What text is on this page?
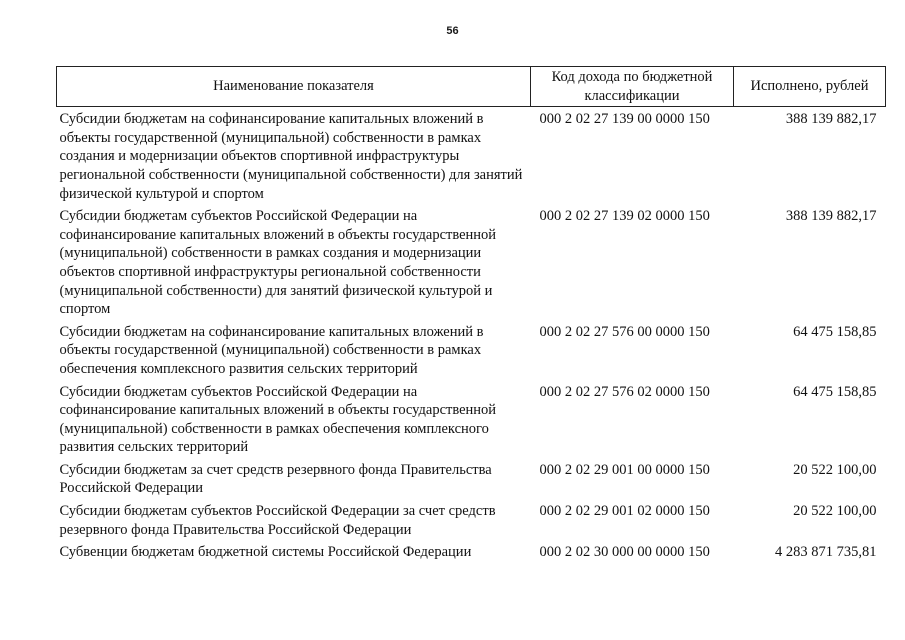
56
Наименование показателя	Код дохода по бюджетной классификации	Исполнено, рублей
Субсидии бюджетам на софинансирование капитальных вложений в объекты государственной (муниципальной) собственности в рамках создания и модернизации объектов спортивной инфраструктуры региональной собственности (муниципальной собственности) для занятий физической культурой и спортом	000 2 02 27 139 00 0000 150	388 139 882,17
Субсидии бюджетам субъектов Российской Федерации на софинансирование капитальных вложений в объекты государственной (муниципальной) собственности в рамках создания и модернизации объектов спортивной инфраструктуры региональной собственности (муниципальной собственности) для занятий физической культурой и спортом	000 2 02 27 139 02 0000 150	388 139 882,17
Субсидии бюджетам на софинансирование капитальных вложений в объекты государственной (муниципальной) собственности в рамках обеспечения комплексного развития сельских территорий	000 2 02 27 576 00 0000 150	64 475 158,85
Субсидии бюджетам субъектов Российской Федерации на софинансирование капитальных вложений в объекты государственной (муниципальной) собственности в рамках обеспечения комплексного развития сельских территорий	000 2 02 27 576 02 0000 150	64 475 158,85
Субсидии бюджетам за счет средств резервного фонда Правительства Российской Федерации	000 2 02 29 001 00 0000 150	20 522 100,00
Субсидии бюджетам субъектов Российской Федерации за счет средств резервного фонда Правительства Российской Федерации	000 2 02 29 001 02 0000 150	20 522 100,00
Субвенции бюджетам бюджетной системы Российской Федерации	000 2 02 30 000 00 0000 150	4 283 871 735,81
